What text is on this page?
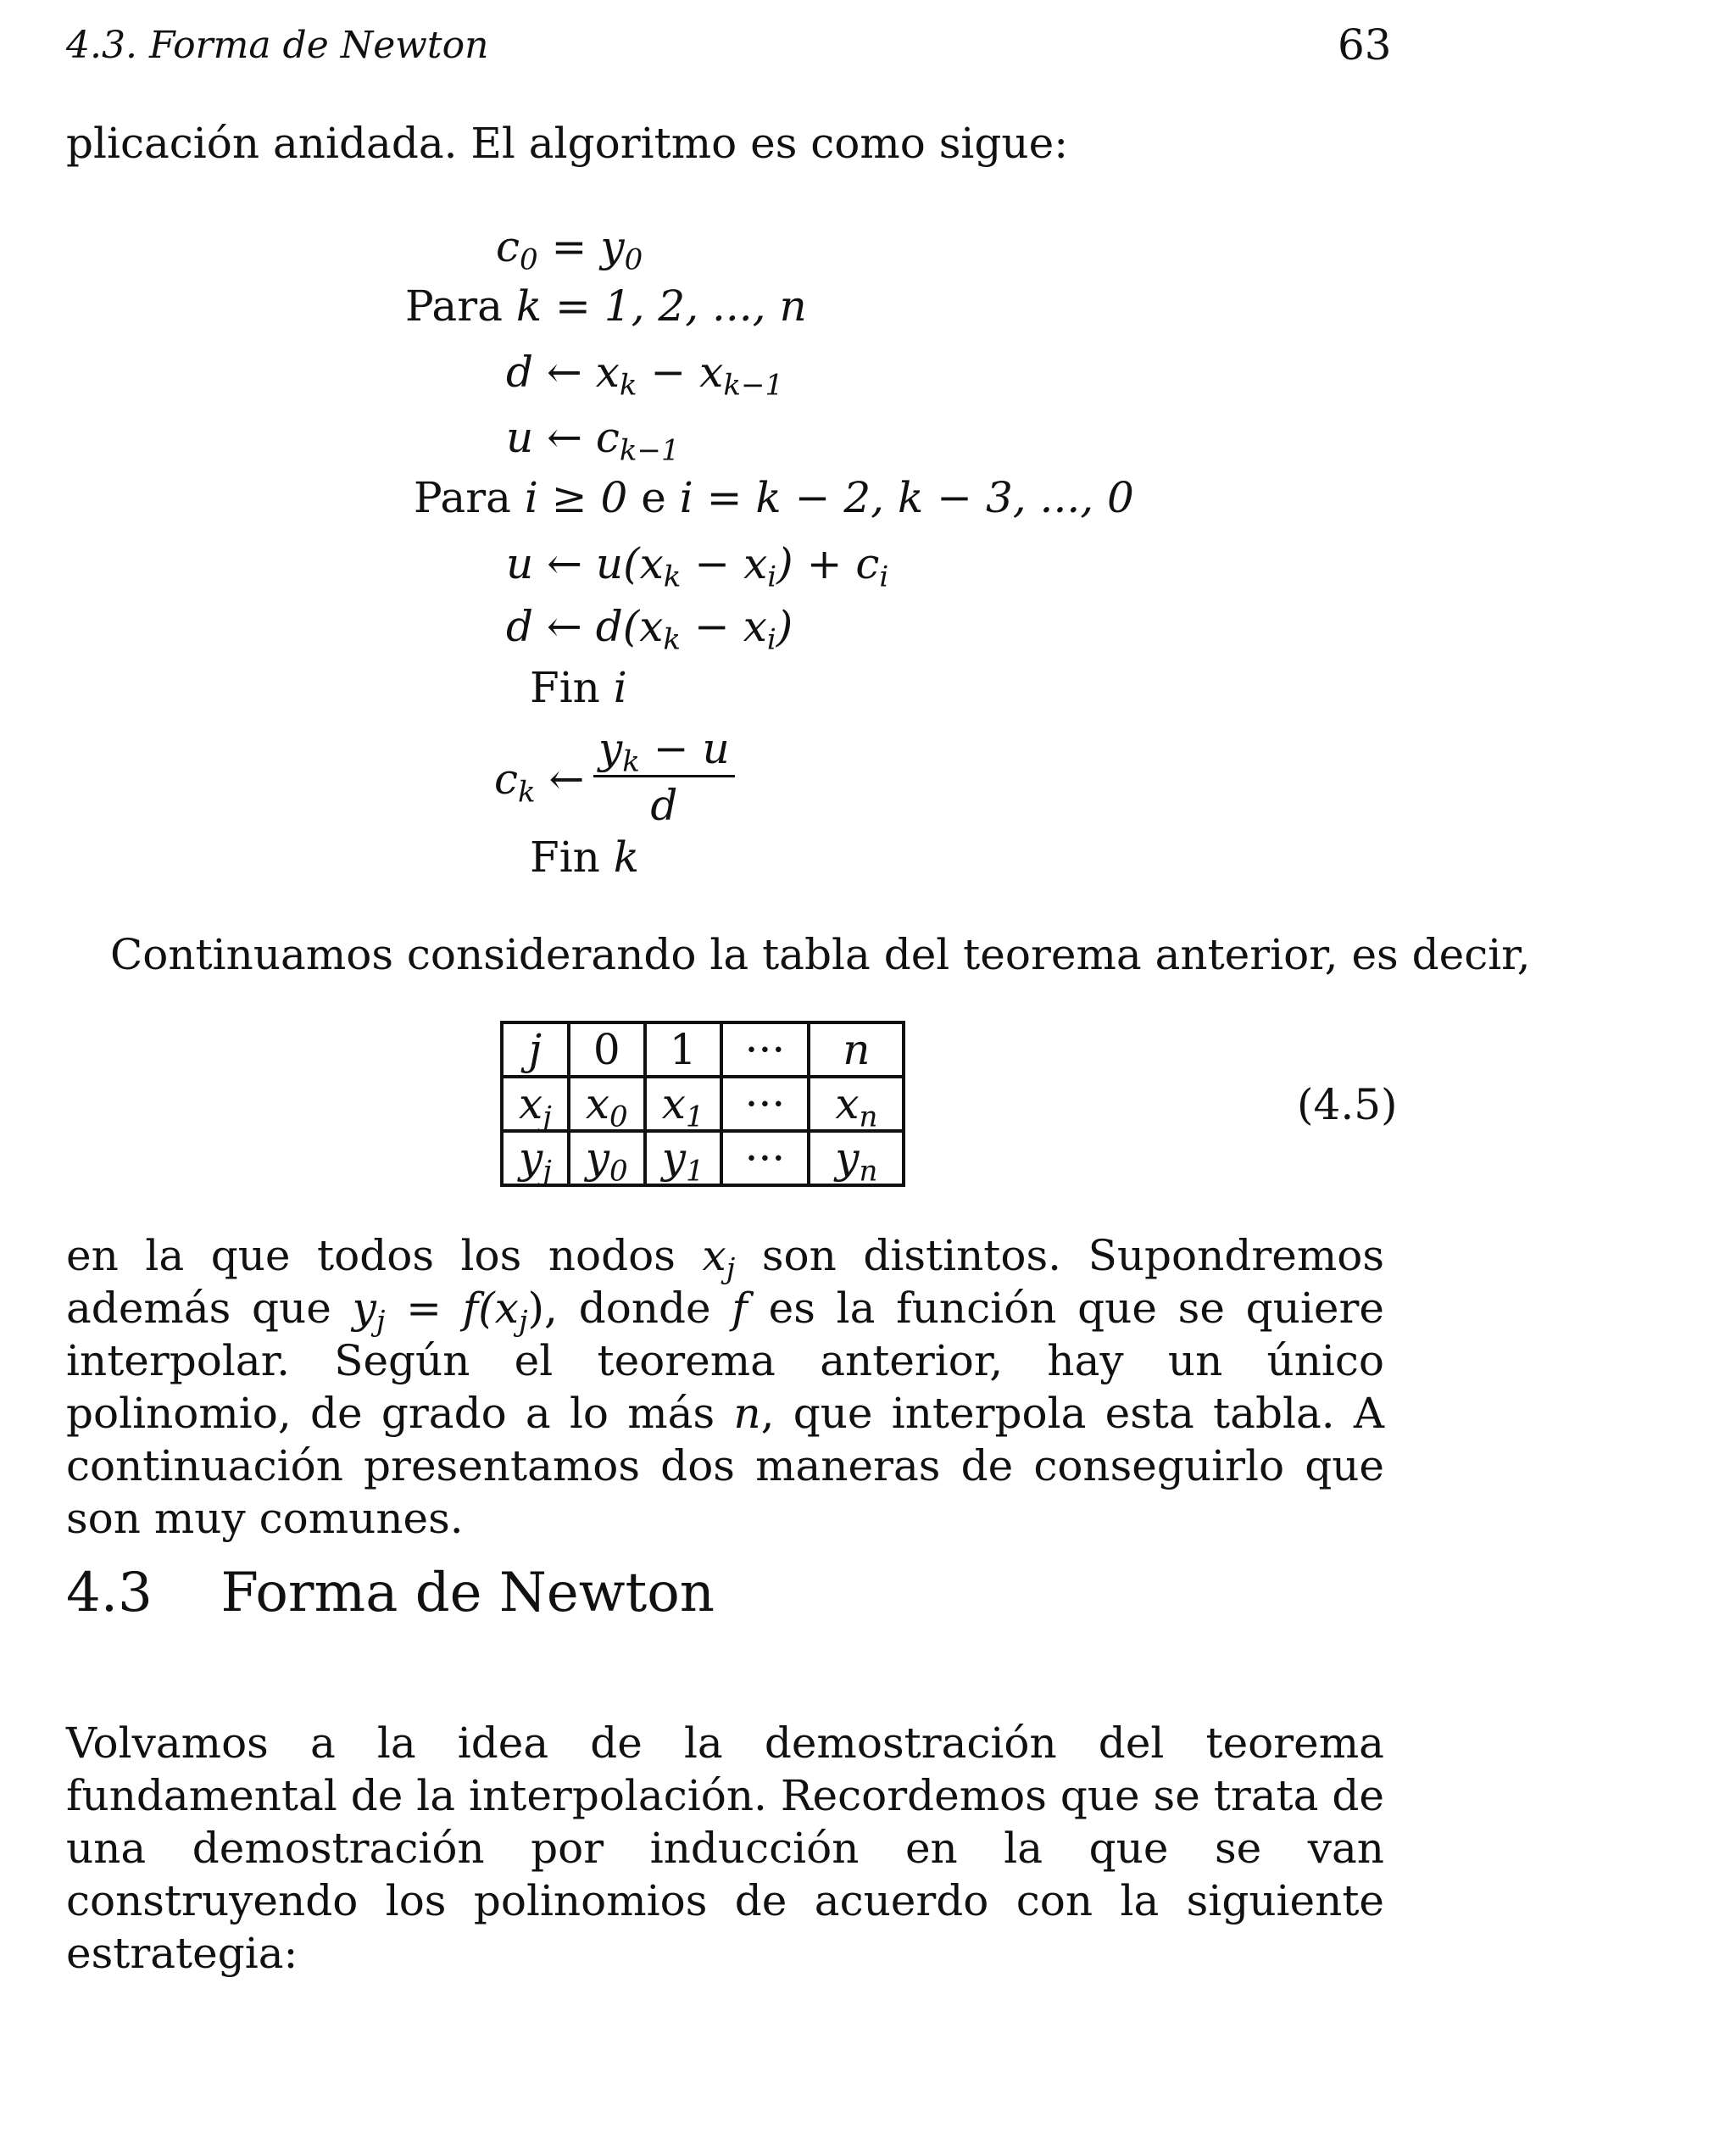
4.3. Forma de Newton	63
plicación anidada. El algoritmo es como sigue:
$c_0 = y_0$
Para k = 1, 2, ..., n
d ← $x_k - x_{k-1}$
u ← $c_{k-1}$
Para i ≥ 0 e i = k − 2, k − 3, ..., 0
u ← $u(x_k - x_i) + c_i$
d ← $d(x_k - x_i)$
Fin i
$c_k$ ← $\frac{y_k - u}{d}$
Fin k
Continuamos considerando la tabla del teorema anterior, es decir,
j	0	1	···	n
$x_j$	$x_0$	$x_1$	···	$x_n$
$y_j$	$y_0$	$y_1$	···	$y_n$
(4.5)
en la que todos los nodos $x_j$ son distintos. Supondremos además que $y_j = f(x_j)$, donde f es la función que se quiere interpolar. Según el teorema anterior, hay un único polinomio, de grado a lo más n, que interpola esta tabla. A continuación presentamos dos maneras de conseguirlo que son muy comunes.
4.3 Forma de Newton
Volvamos a la idea de la demostración del teorema fundamental de la interpolación. Recordemos que se trata de una demostración por inducción en la que se van construyendo los polinomios de acuerdo con la siguiente estrategia:
